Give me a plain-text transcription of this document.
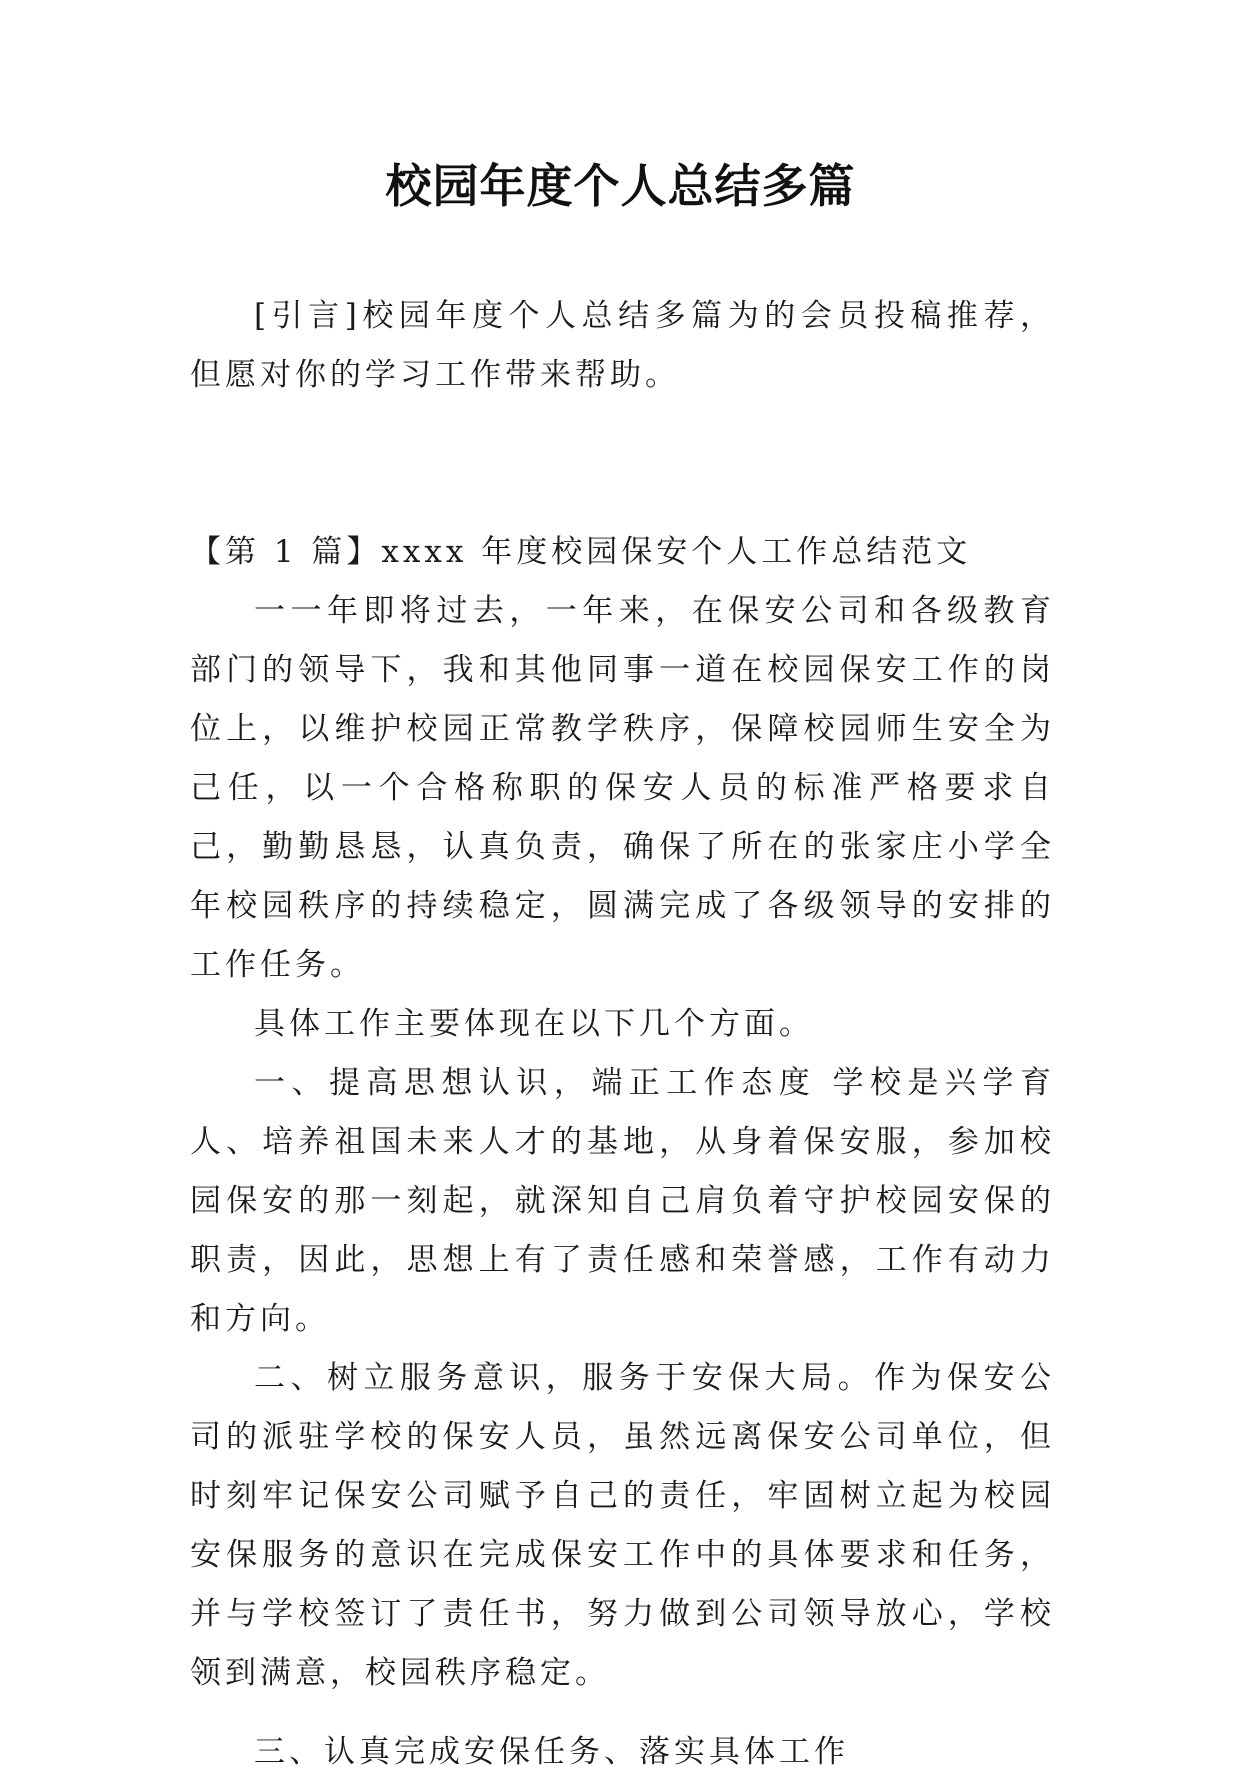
校园年度个人总结多篇

[引言]校园年度个人总结多篇为的会员投稿推荐，但愿对你的学习工作带来帮助。

【第 1 篇】xxxx 年度校园保安个人工作总结范文

一一年即将过去，一年来，在保安公司和各级教育部门的领导下，我和其他同事一道在校园保安工作的岗位上，以维护校园正常教学秩序，保障校园师生安全为己任，以一个合格称职的保安人员的标准严格要求自己，勤勤恳恳，认真负责，确保了所在的张家庄小学全年校园秩序的持续稳定，圆满完成了各级领导的安排的工作任务。

具体工作主要体现在以下几个方面。

一、提高思想认识，端正工作态度 学校是兴学育人、培养祖国未来人才的基地，从身着保安服，参加校园保安的那一刻起，就深知自己肩负着守护校园安保的职责，因此，思想上有了责任感和荣誉感，工作有动力和方向。

二、树立服务意识，服务于安保大局。作为保安公司的派驻学校的保安人员，虽然远离保安公司单位，但时刻牢记保安公司赋予自己的责任，牢固树立起为校园安保服务的意识在完成保安工作中的具体要求和任务，并与学校签订了责任书，努力做到公司领导放心，学校领到满意，校园秩序稳定。

三、认真完成安保任务、落实具体工作
